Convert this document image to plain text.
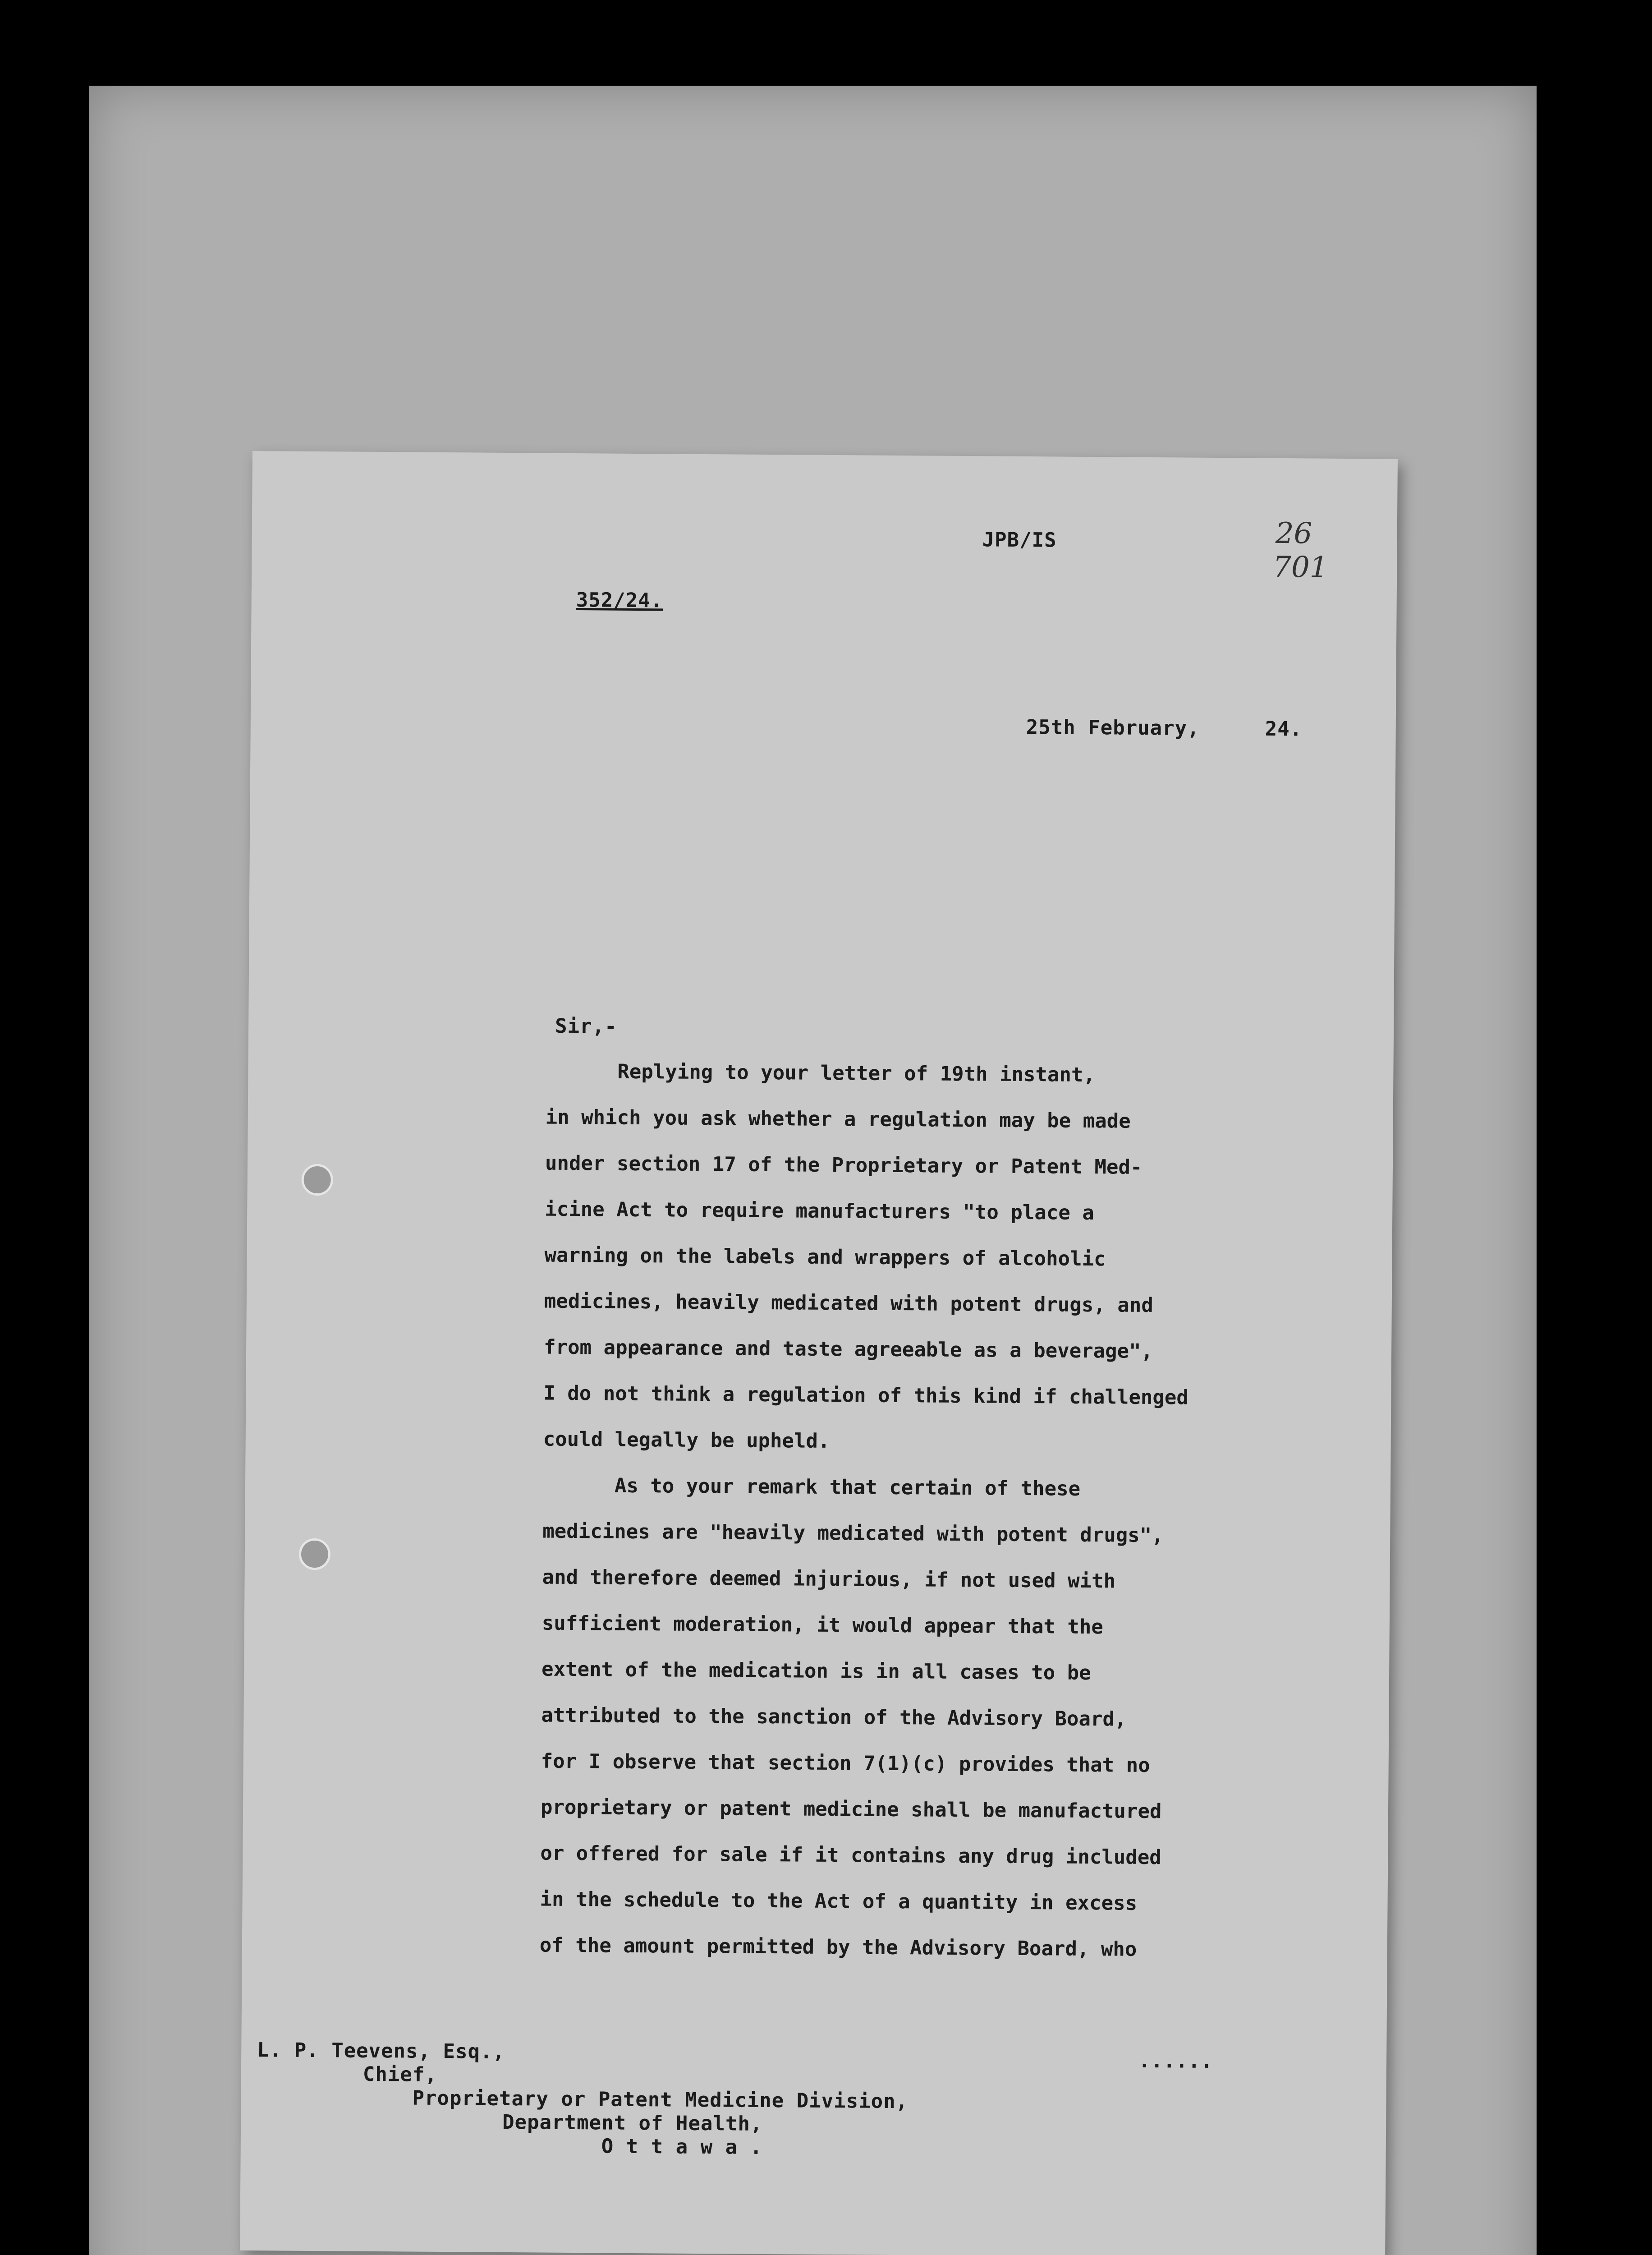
JPB/IS	26
701
352/24.
25th February,	24.
Sir,-
Replying to your letter of 19th instant,
in which you ask whether a regulation may be made
under section 17 of the Proprietary or Patent Med-
icine Act to require manufacturers "to place a
warning on the labels and wrappers of alcoholic
medicines, heavily medicated with potent drugs, and
from appearance and taste agreeable as a beverage",
I do not think a regulation of this kind if challenged
could legally be upheld.
As to your remark that certain of these
medicines are "heavily medicated with potent drugs",
and therefore deemed injurious, if not used with
sufficient moderation, it would appear that the
extent of the medication is in all cases to be
attributed to the sanction of the Advisory Board,
for I observe that section 7(1)(c) provides that no
proprietary or patent medicine shall be manufactured
or offered for sale if it contains any drug included
in the schedule to the Act of a quantity in excess
of the amount permitted by the Advisory Board, who
......
L. P. Teevens, Esq.,
Chief,
Proprietary or Patent Medicine Division,
Department of Health,
O t t a w a .
